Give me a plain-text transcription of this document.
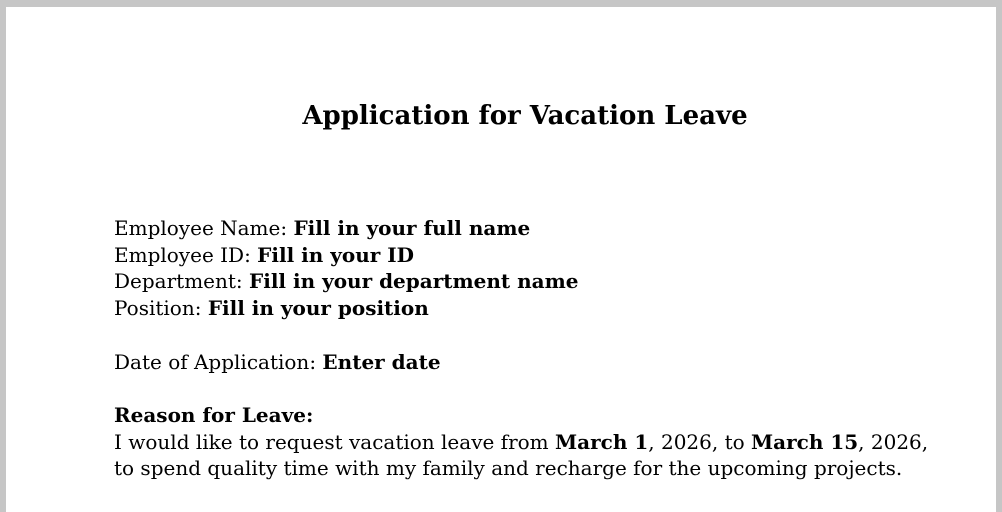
Application for Vacation Leave
Employee Name: Fill in your full name
Employee ID: Fill in your ID
Department: Fill in your department name
Position: Fill in your position
Date of Application: Enter date
Reason for Leave:

I would like to request vacation leave from March 1, 2026, to March 15, 2026, to spend quality time with my family and recharge for the upcoming projects.
